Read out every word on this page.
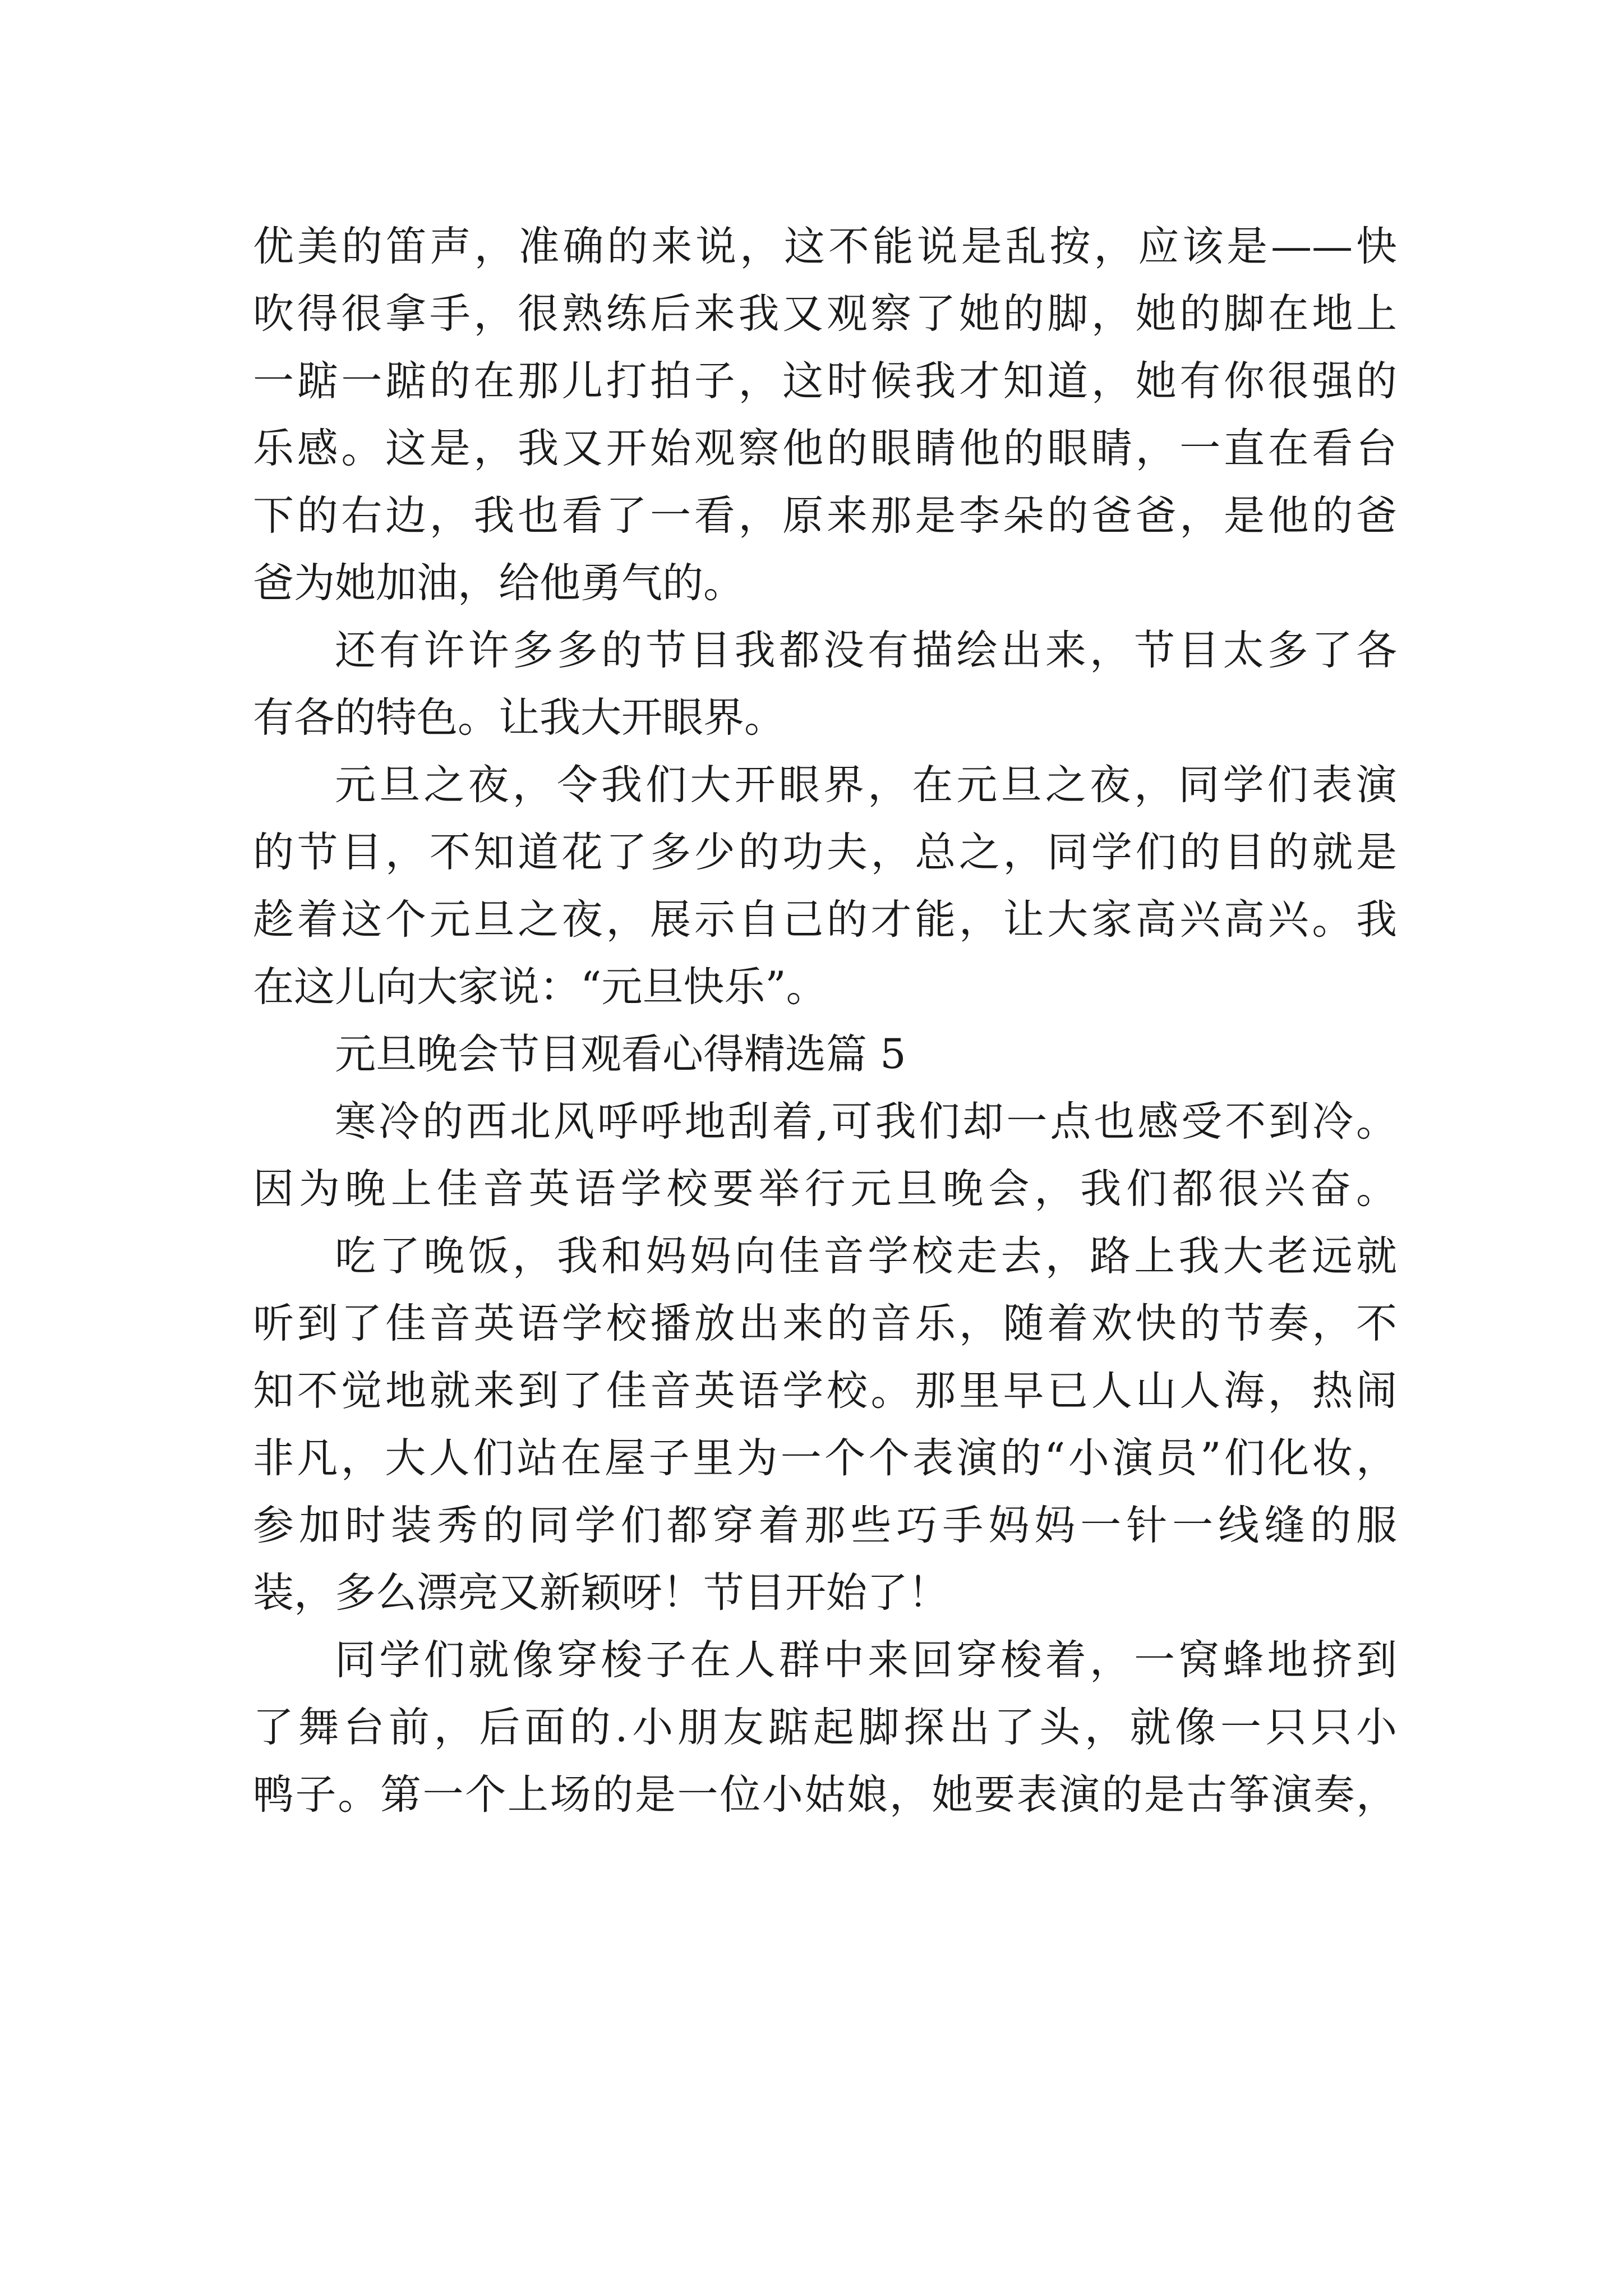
优美的笛声，准确的来说，这不能说是乱按，应该是——快
吹得很拿手，很熟练后来我又观察了她的脚，她的脚在地上
一踮一踮的在那儿打拍子，这时候我才知道，她有你很强的
乐感。这是，我又开始观察他的眼睛他的眼睛，一直在看台
下的右边，我也看了一看，原来那是李朵的爸爸，是他的爸
爸为她加油，给他勇气的。
还有许许多多的节目我都没有描绘出来，节目太多了各
有各的特色。让我大开眼界。
元旦之夜，令我们大开眼界，在元旦之夜，同学们表演
的节目，不知道花了多少的功夫，总之，同学们的目的就是
趁着这个元旦之夜，展示自己的才能，让大家高兴高兴。我
在这儿向大家说：“元旦快乐”。
元旦晚会节目观看心得精选篇 5
寒冷的西北风呼呼地刮着,可我们却一点也感受不到冷。
因为晚上佳音英语学校要举行元旦晚会，我们都很兴奋。
吃了晚饭，我和妈妈向佳音学校走去，路上我大老远就
听到了佳音英语学校播放出来的音乐，随着欢快的节奏，不
知不觉地就来到了佳音英语学校。那里早已人山人海，热闹
非凡，大人们站在屋子里为一个个表演的“小演员”们化妆，
参加时装秀的同学们都穿着那些巧手妈妈一针一线缝的服
装，多么漂亮又新颖呀！节目开始了！
同学们就像穿梭子在人群中来回穿梭着，一窝蜂地挤到
了舞台前，后面的.小朋友踮起脚探出了头，就像一只只小
鸭子。第一个上场的是一位小姑娘，她要表演的是古筝演奏，
